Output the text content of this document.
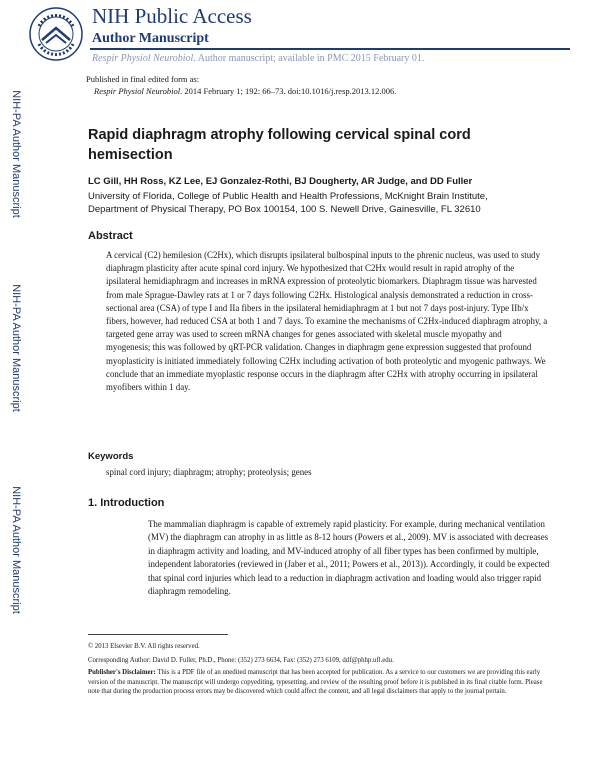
NIH Public Access
Author Manuscript
Respir Physiol Neurobiol. Author manuscript; available in PMC 2015 February 01.
Published in final edited form as:
Respir Physiol Neurobiol. 2014 February 1; 192: 66–73. doi:10.1016/j.resp.2013.12.006.
NIH-PA Author Manuscript
NIH-PA Author Manuscript
NIH-PA Author Manuscript
Rapid diaphragm atrophy following cervical spinal cord hemisection
LC Gill, HH Ross, KZ Lee, EJ Gonzalez-Rothi, BJ Dougherty, AR Judge, and DD Fuller
University of Florida, College of Public Health and Health Professions, McKnight Brain Institute, Department of Physical Therapy, PO Box 100154, 100 S. Newell Drive, Gainesville, FL 32610
Abstract

A cervical (C2) hemilesion (C2Hx), which disrupts ipsilateral bulbospinal inputs to the phrenic nucleus, was used to study diaphragm plasticity after acute spinal cord injury. We hypothesized that C2Hx would result in rapid atrophy of the ipsilateral hemidiaphragm and increases in mRNA expression of proteolytic biomarkers. Diaphragm tissue was harvested from male Sprague-Dawley rats at 1 or 7 days following C2Hx. Histological analysis demonstrated a reduction in cross-sectional area (CSA) of type I and IIa fibers in the ipsilateral hemidiaphragm at 1 but not 7 days post-injury. Type IIb/x fibers, however, had reduced CSA at both 1 and 7 days. To examine the mechanisms of C2Hx-induced diaphragm atrophy, a targeted gene array was used to screen mRNA changes for genes associated with skeletal muscle myopathy and myogenesis; this was followed by qRT-PCR validation. Changes in diaphragm gene expression suggested that profound myoplasticity is initiated immediately following C2Hx including activation of both proteolytic and myogenic pathways. We conclude that an immediate myoplastic response occurs in the diaphragm after C2Hx with atrophy occurring in ipsilateral myofibers within 1 day.

Keywords
spinal cord injury; diaphragm; atrophy; proteolysis; genes
1. Introduction

The mammalian diaphragm is capable of extremely rapid plasticity. For example, during mechanical ventilation (MV) the diaphragm can atrophy in as little as 8-12 hours (Powers et al., 2009). MV is associated with decreases in diaphragm activity and loading, and MV-induced atrophy of all fiber types has been confirmed by multiple, independent laboratories (reviewed in (Jaber et al., 2011; Powers et al., 2013)). Accordingly, it could be expected that spinal cord injuries which lead to a reduction in diaphragm activation and loading would also trigger rapid diaphragm remodeling.

© 2013 Elsevier B.V. All rights reserved.
Corresponding Author: David D. Fuller, Ph.D., Phone: (352) 273 6634, Fax: (352) 273 6109, ddf@phhp.ufl.edu.
Publisher's Disclaimer: This is a PDF file of an unedited manuscript that has been accepted for publication. As a service to our customers we are providing this early version of the manuscript. The manuscript will undergo copyediting, typesetting, and review of the resulting proof before it is published in its final citable form. Please note that during the production process errors may be discovered which could affect the content, and all legal disclaimers that apply to the journal pertain.
